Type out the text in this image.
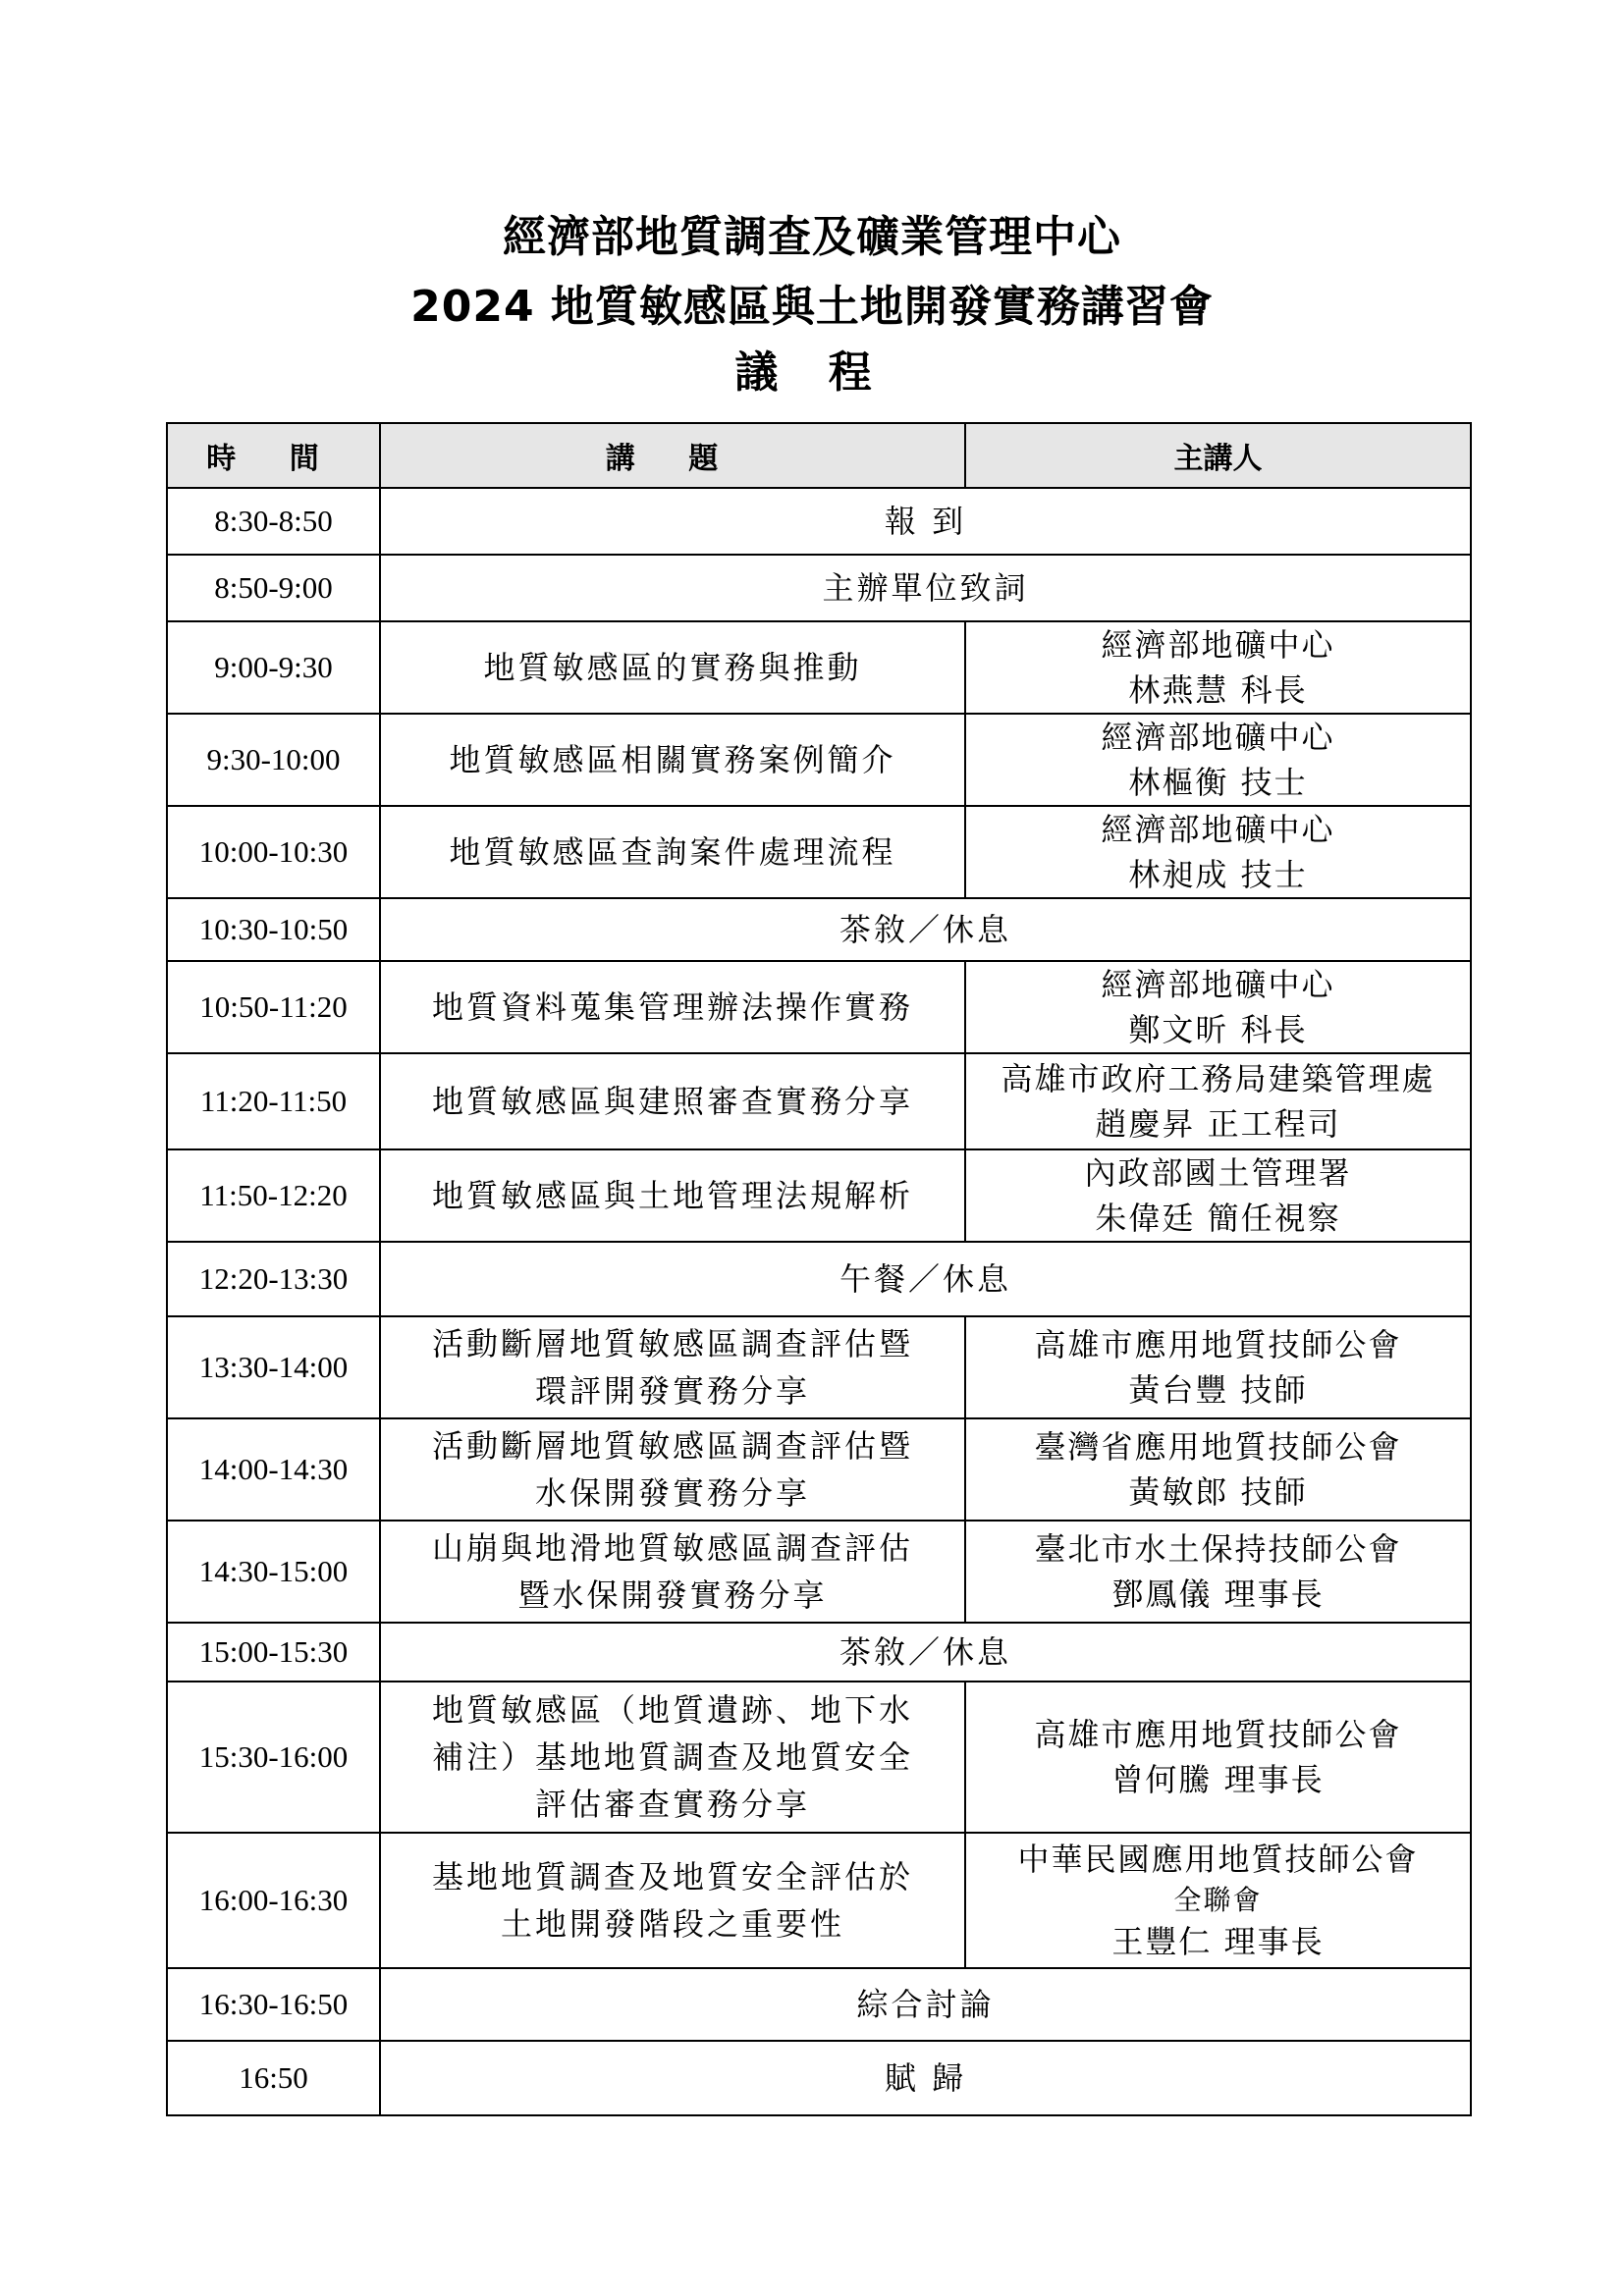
經濟部地質調查及礦業管理中心
2024 地質敏感區與土地開發實務講習會
議 程
時 間	講 題	主講人
8:30-8:50	報 到	
8:50-9:00	主辦單位致詞	
9:00-9:30	地質敏感區的實務與推動	經濟部地礦中心
林燕慧 科長

9:30-10:00	地質敏感區相關實務案例簡介	經濟部地礦中心
林樞衡 技士

10:00-10:30	地質敏感區查詢案件處理流程	經濟部地礦中心
林昶成 技士

10:30-10:50	茶敘／休息	
10:50-11:20	地質資料蒐集管理辦法操作實務	經濟部地礦中心
鄭文昕 科長

11:20-11:50	地質敏感區與建照審查實務分享	高雄市政府工務局建築管理處
趙慶昇 正工程司

11:50-12:20	地質敏感區與土地管理法規解析	內政部國土管理署
朱偉廷 簡任視察

12:20-13:30	午餐／休息	
13:30-14:00	活動斷層地質敏感區調查評估暨
環評開發實務分享	高雄市應用地質技師公會
黃台豐 技師

14:00-14:30	活動斷層地質敏感區調查評估暨
水保開發實務分享	臺灣省應用地質技師公會
黃敏郎 技師

14:30-15:00	山崩與地滑地質敏感區調查評估
暨水保開發實務分享	臺北市水土保持技師公會
鄧鳳儀 理事長

15:00-15:30	茶敘／休息	
15:30-16:00	地質敏感區（地質遺跡、地下水
補注）基地地質調查及地質安全
評估審查實務分享	高雄市應用地質技師公會
曾何騰 理事長

16:00-16:30	基地地質調查及地質安全評估於
土地開發階段之重要性	中華民國應用地質技師公會
全聯會
王豐仁 理事長

16:30-16:50	綜合討論	
16:50	賦 歸	
